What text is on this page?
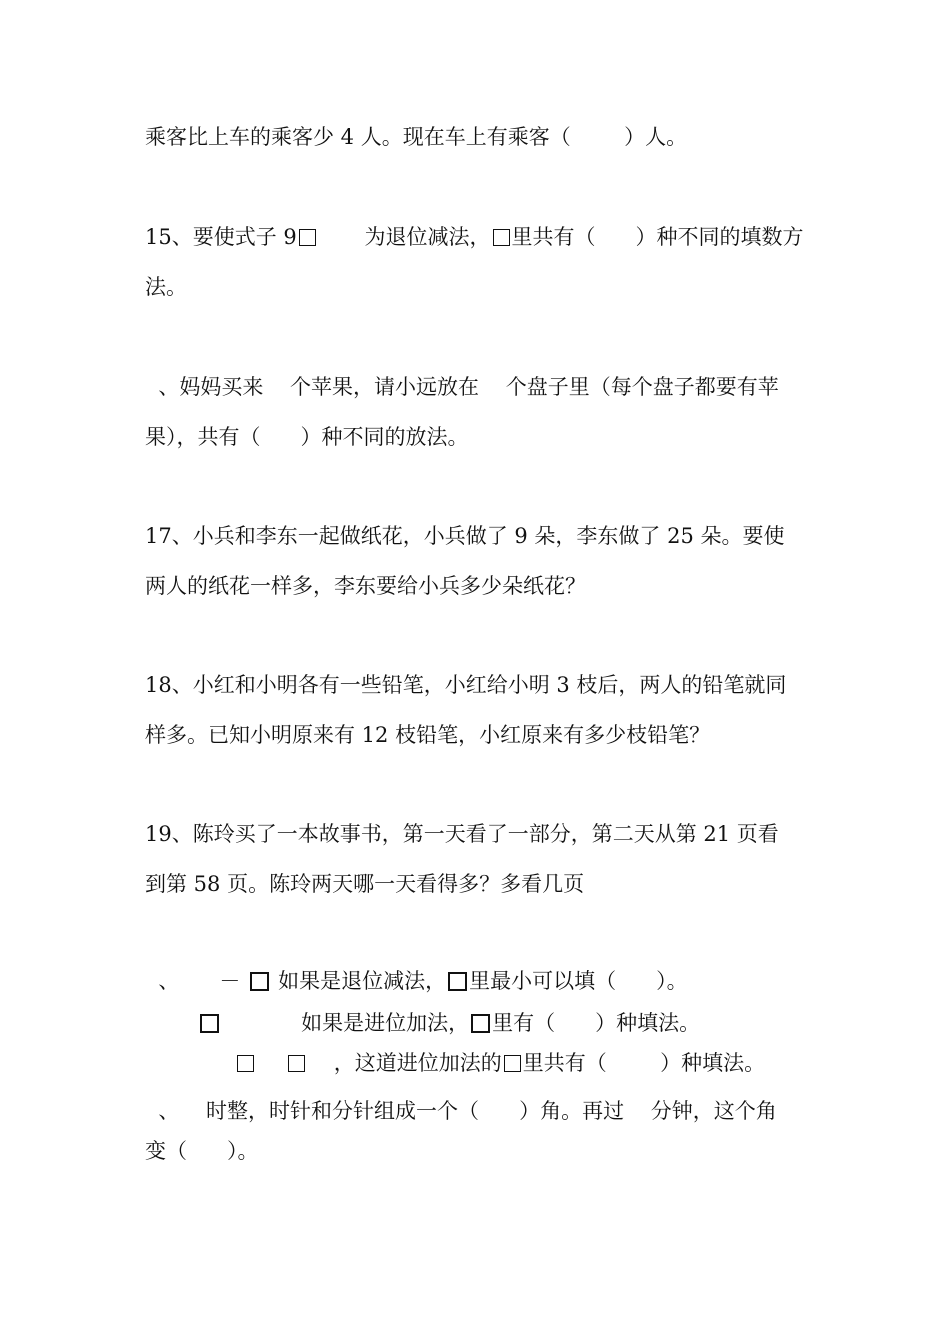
乘客比上车的乘客少 4 人。现在车上有乘客（        ）人。
15、要使式子 9       为退位减法， 里共有（      ）种不同的填数方
法。
、妈妈买来    个苹果，请小远放在    个盘子里（每个盘子都要有苹
果），共有（      ）种不同的放法。
17、小兵和李东一起做纸花，小兵做了 9 朵，李东做了 25 朵。要使
两人的纸花一样多，李东要给小兵多少朵纸花？
18、小红和小明各有一些铅笔，小红给小明 3 枝后，两人的铅笔就同
样多。已知小明原来有 12 枝铅笔，小红原来有多少枝铅笔？
19、陈玲买了一本故事书，第一天看了一部分，第二天从第 21 页看
到第 58 页。陈玲两天哪一天看得多？多看几页
、      － 如果是退位减法， 里最小可以填（      ）。
如果是进位加法， 里有（      ）种填法。
，这道进位加法的 里共有（        ）种填法。
、    时整，时针和分针组成一个（      ）角。再过    分钟，这个角
变（      ）。
